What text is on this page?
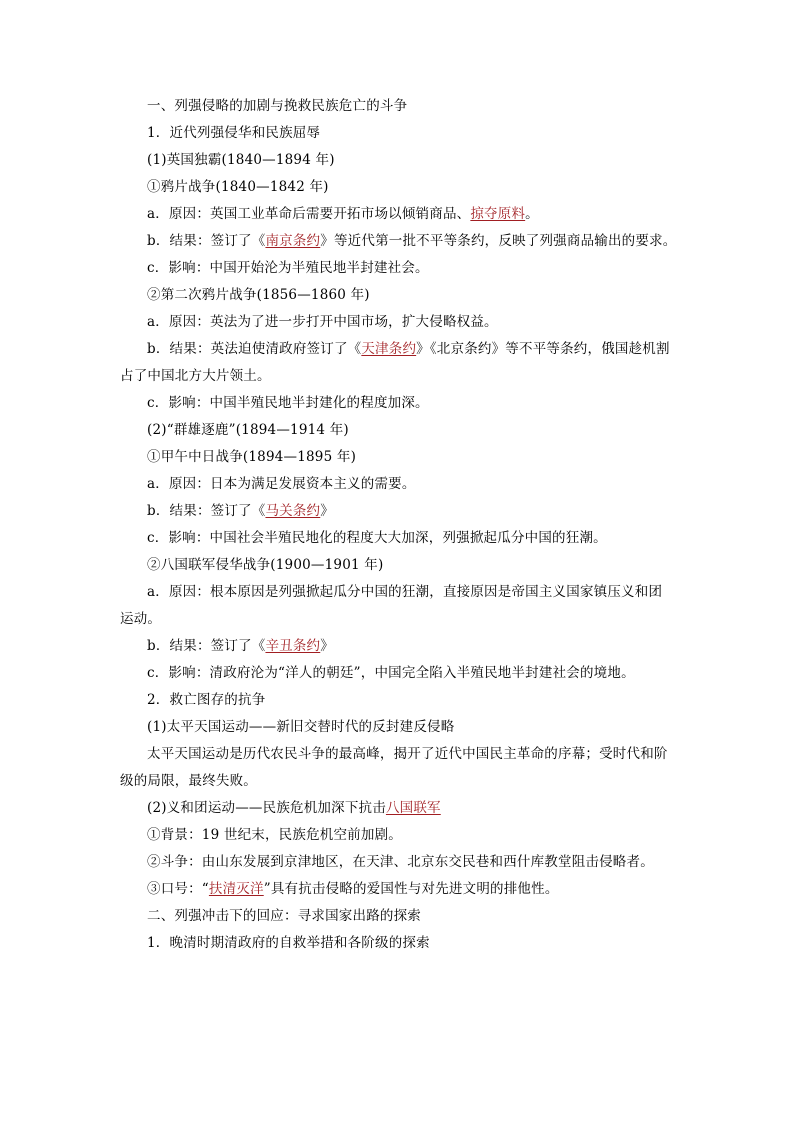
一、列强侵略的加剧与挽救民族危亡的斗争
1．近代列强侵华和民族屈辱
(1)英国独霸(1840—1894 年)
①鸦片战争(1840—1842 年)
a．原因：英国工业革命后需要开拓市场以倾销商品、掠夺原料。
b．结果：签订了《南京条约》等近代第一批不平等条约，反映了列强商品输出的要求。
c．影响：中国开始沦为半殖民地半封建社会。
②第二次鸦片战争(1856—1860 年)
a．原因：英法为了进一步打开中国市场，扩大侵略权益。
b．结果：英法迫使清政府签订了《天津条约》《北京条约》等不平等条约，俄国趁机割
占了中国北方大片领土。
c．影响：中国半殖民地半封建化的程度加深。
(2)“群雄逐鹿”(1894—1914 年)
①甲午中日战争(1894—1895 年)
a．原因：日本为满足发展资本主义的需要。
b．结果：签订了《马关条约》
c．影响：中国社会半殖民地化的程度大大加深，列强掀起瓜分中国的狂潮。
②八国联军侵华战争(1900—1901 年)
a．原因：根本原因是列强掀起瓜分中国的狂潮，直接原因是帝国主义国家镇压义和团
运动。
b．结果：签订了《辛丑条约》
c．影响：清政府沦为“洋人的朝廷”，中国完全陷入半殖民地半封建社会的境地。
2．救亡图存的抗争
(1)太平天国运动——新旧交替时代的反封建反侵略
太平天国运动是历代农民斗争的最高峰，揭开了近代中国民主革命的序幕；受时代和阶
级的局限，最终失败。
(2)义和团运动——民族危机加深下抗击八国联军
①背景：19 世纪末，民族危机空前加剧。
②斗争：由山东发展到京津地区，在天津、北京东交民巷和西什库教堂阻击侵略者。
③口号：“扶清灭洋”具有抗击侵略的爱国性与对先进文明的排他性。
二、列强冲击下的回应：寻求国家出路的探索
1．晚清时期清政府的自救举措和各阶级的探索
